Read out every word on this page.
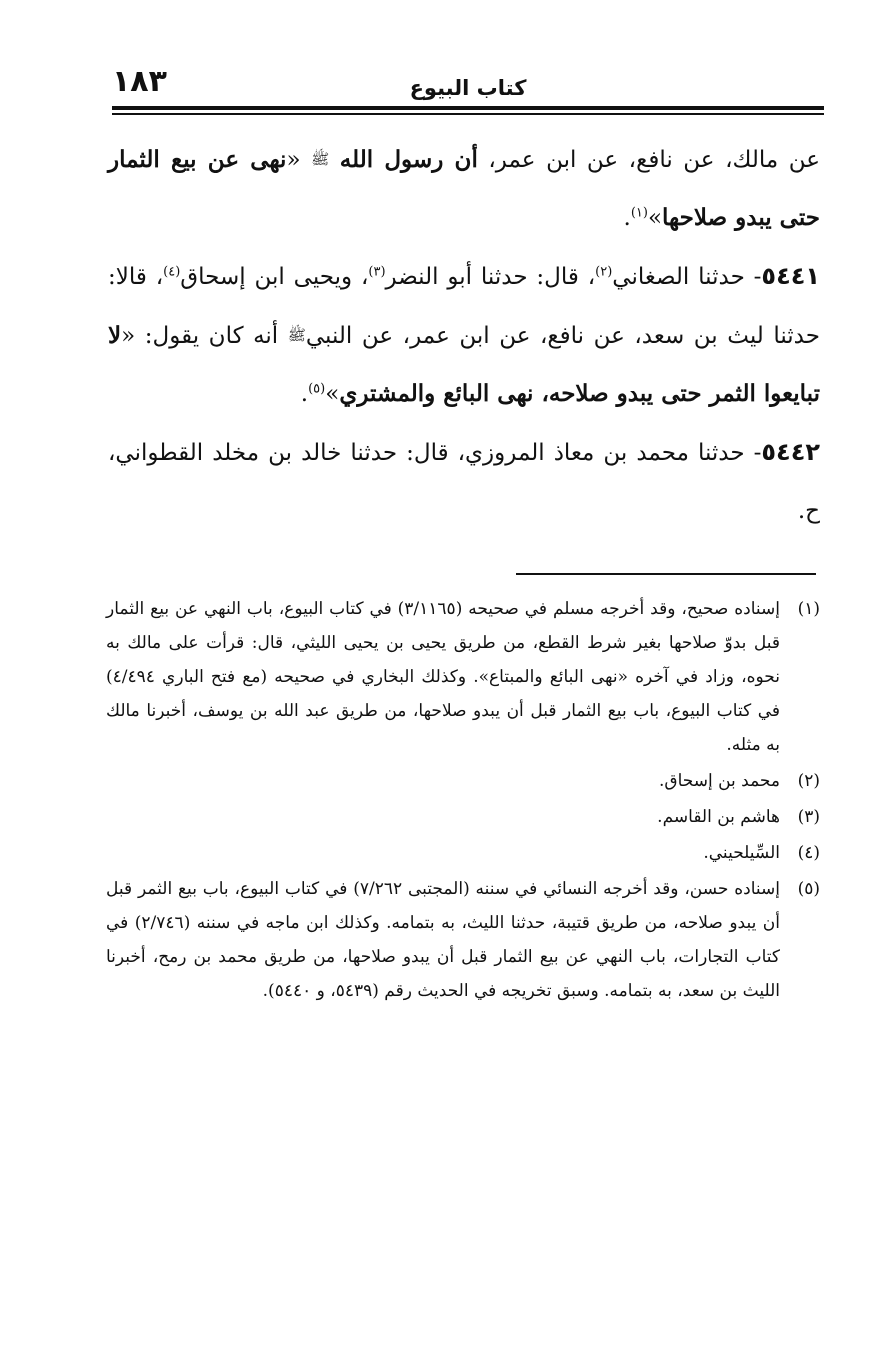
١٨٣	كتاب البيوع

عن مالك، عن نافع، عن ابن عمر، أن رسول الله ﷺ «نهى عن بيع الثمار حتى يبدو صلاحها»$^{(١)}$.

٥٤٤١- حدثنا الصغاني$^{(٢)}$، قال: حدثنا أبو النضر$^{(٣)}$، ويحيى ابن إسحاق$^{(٤)}$، قالا: حدثنا ليث بن سعد، عن نافع، عن ابن عمر، عن النبيﷺ أنه كان يقول: «لا تبايعوا الثمر حتى يبدو صلاحه، نهى البائع والمشتري»$^{(٥)}$.

٥٤٤٢- حدثنا محمد بن معاذ المروزي، قال: حدثنا خالد بن مخلد القطواني، ح.

(١)
إسناده صحيح، وقد أخرجه مسلم في صحيحه (٣/١١٦٥) في كتاب البيوع، باب النهي عن بيع الثمار قبل بدوّ صلاحها بغير شرط القطع، من طريق يحيى بن يحيى الليثي، قال: قرأت على مالك به نحوه، وزاد في آخره «نهى البائع والمبتاع». وكذلك البخاري في صحيحه (مع فتح الباري ٤/٤٩٤) في كتاب البيوع، باب بيع الثمار قبل أن يبدو صلاحها، من طريق عبد الله بن يوسف، أخبرنا مالك به مثله.
(٢)
محمد بن إسحاق.
(٣)
هاشم بن القاسم.
(٤)
السِّيلحيني.
(٥)
إسناده حسن، وقد أخرجه النسائي في سننه (المجتبى ٧/٢٦٢) في كتاب البيوع، باب بيع الثمر قبل أن يبدو صلاحه، من طريق قتيبة، حدثنا الليث، به بتمامه. وكذلك ابن ماجه في سننه (٢/٧٤٦) في كتاب التجارات، باب النهي عن بيع الثمار قبل أن يبدو صلاحها، من طريق محمد بن رمح، أخبرنا الليث بن سعد، به بتمامه. وسبق تخريجه في الحديث رقم (٥٤٣٩، و ٥٤٤٠).
